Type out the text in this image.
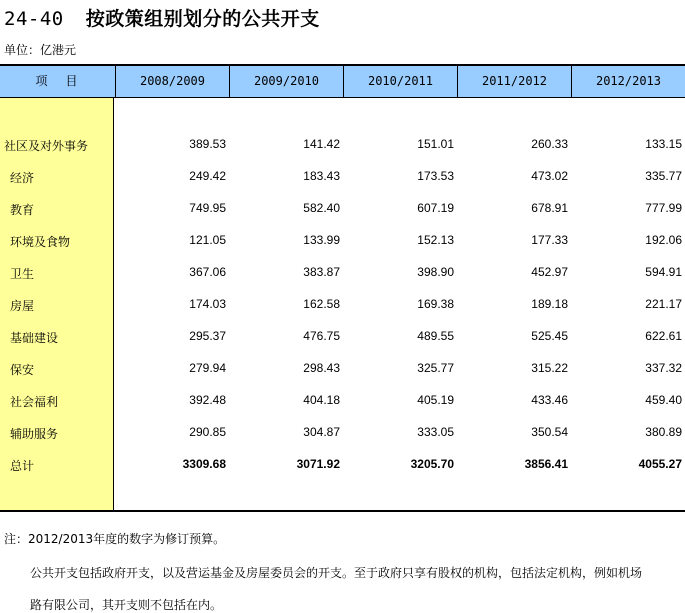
24-40 按政策组别划分的公共开支
单位：亿港元
项目	2008/2009	2009/2010	2010/2011	2011/2012	2012/2013
社区及对外事务	389.53	141.42	151.01	260.33	133.15
经济	249.42	183.43	173.53	473.02	335.77
教育	749.95	582.40	607.19	678.91	777.99
环境及食物	121.05	133.99	152.13	177.33	192.06
卫生	367.06	383.87	398.90	452.97	594.91
房屋	174.03	162.58	169.38	189.18	221.17
基础建设	295.37	476.75	489.55	525.45	622.61
保安	279.94	298.43	325.77	315.22	337.32
社会福利	392.48	404.18	405.19	433.46	459.40
辅助服务	290.85	304.87	333.05	350.54	380.89
总计	3309.68	3071.92	3205.70	3856.41	4055.27
注：2012/2013年度的数字为修订预算。
公共开支包括政府开支，以及营运基金及房屋委员会的开支。至于政府只享有股权的机构，包括法定机构，例如机场
路有限公司，其开支则不包括在内。
